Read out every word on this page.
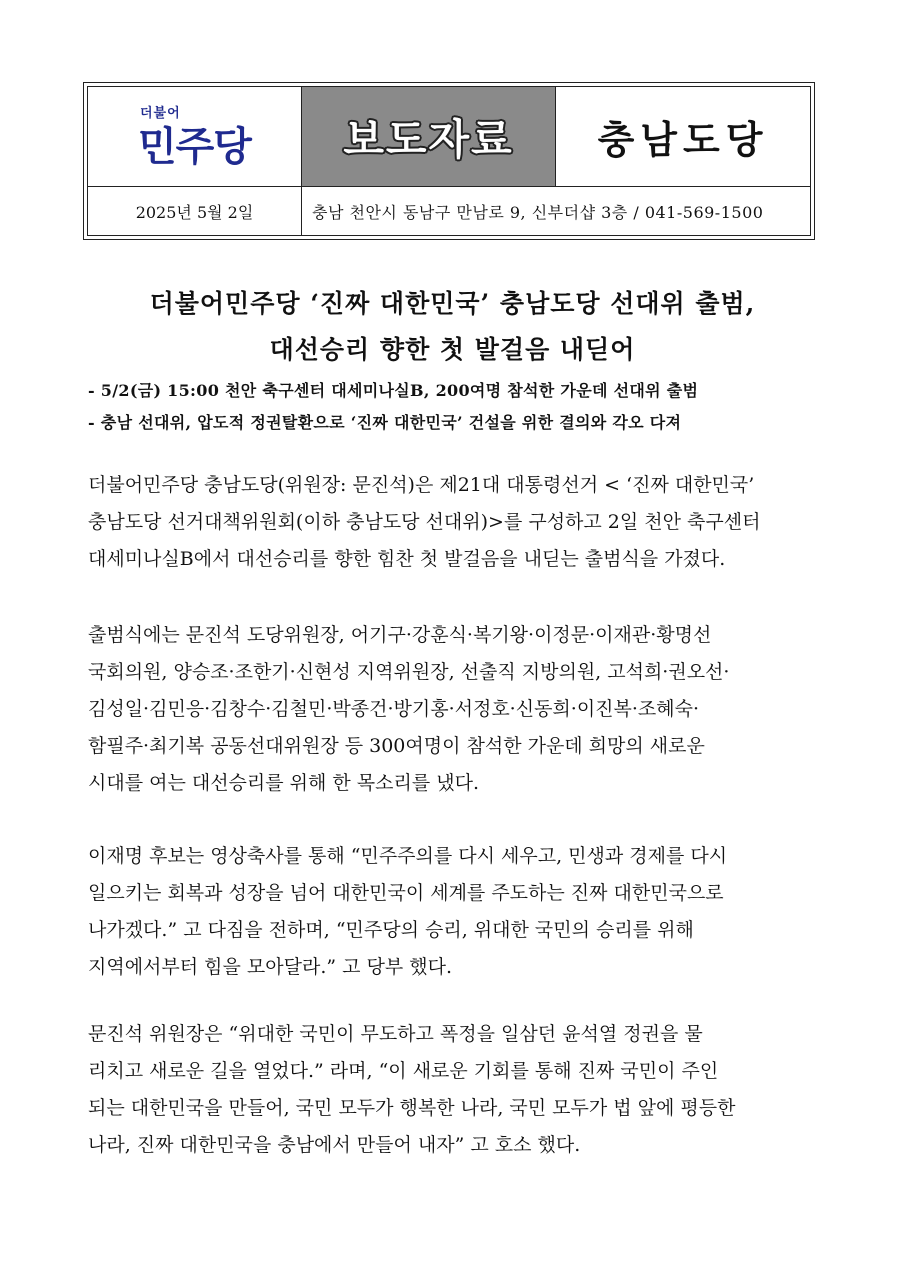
더불어
민주당 보도자료 충남도당
2025년 5월 2일	충남 천안시 동남구 만남로 9, 신부더샵 3층 / 041-569-1500
더불어민주당 ‘진짜 대한민국’ 충남도당 선대위 출범,
대선승리 향한 첫 발걸음 내딛어
- 5/2(금) 15:00 천안 축구센터 대세미나실B, 200여명 참석한 가운데 선대위 출범
- 충남 선대위, 압도적 정권탈환으로 ‘진짜 대한민국’ 건설을 위한 결의와 각오 다져
더불어민주당 충남도당(위원장: 문진석)은 제21대 대통령선거 < ‘진짜 대한민국’
충남도당 선거대책위원회(이하 충남도당 선대위)>를 구성하고 2일 천안 축구센터
대세미나실B에서 대선승리를 향한 힘찬 첫 발걸음을 내딛는 출범식을 가졌다.
출범식에는 문진석 도당위원장, 어기구·강훈식·복기왕·이정문·이재관·황명선
국회의원, 양승조·조한기·신현성 지역위원장, 선출직 지방의원, 고석희·권오선·
김성일·김민응·김창수·김철민·박종건·방기홍·서정호·신동희·이진복·조혜숙·
함필주·최기복 공동선대위원장 등 300여명이 참석한 가운데 희망의 새로운
시대를 여는 대선승리를 위해 한 목소리를 냈다.
이재명 후보는 영상축사를 통해 “민주주의를 다시 세우고, 민생과 경제를 다시
일으키는 회복과 성장을 넘어 대한민국이 세계를 주도하는 진짜 대한민국으로
나가겠다.” 고 다짐을 전하며, “민주당의 승리, 위대한 국민의 승리를 위해
지역에서부터 힘을 모아달라.” 고 당부 했다.
문진석 위원장은 “위대한 국민이 무도하고 폭정을 일삼던 윤석열 정권을 물
리치고 새로운 길을 열었다.” 라며, “이 새로운 기회를 통해 진짜 국민이 주인
되는 대한민국을 만들어, 국민 모두가 행복한 나라, 국민 모두가 법 앞에 평등한
나라, 진짜 대한민국을 충남에서 만들어 내자” 고 호소 했다.
